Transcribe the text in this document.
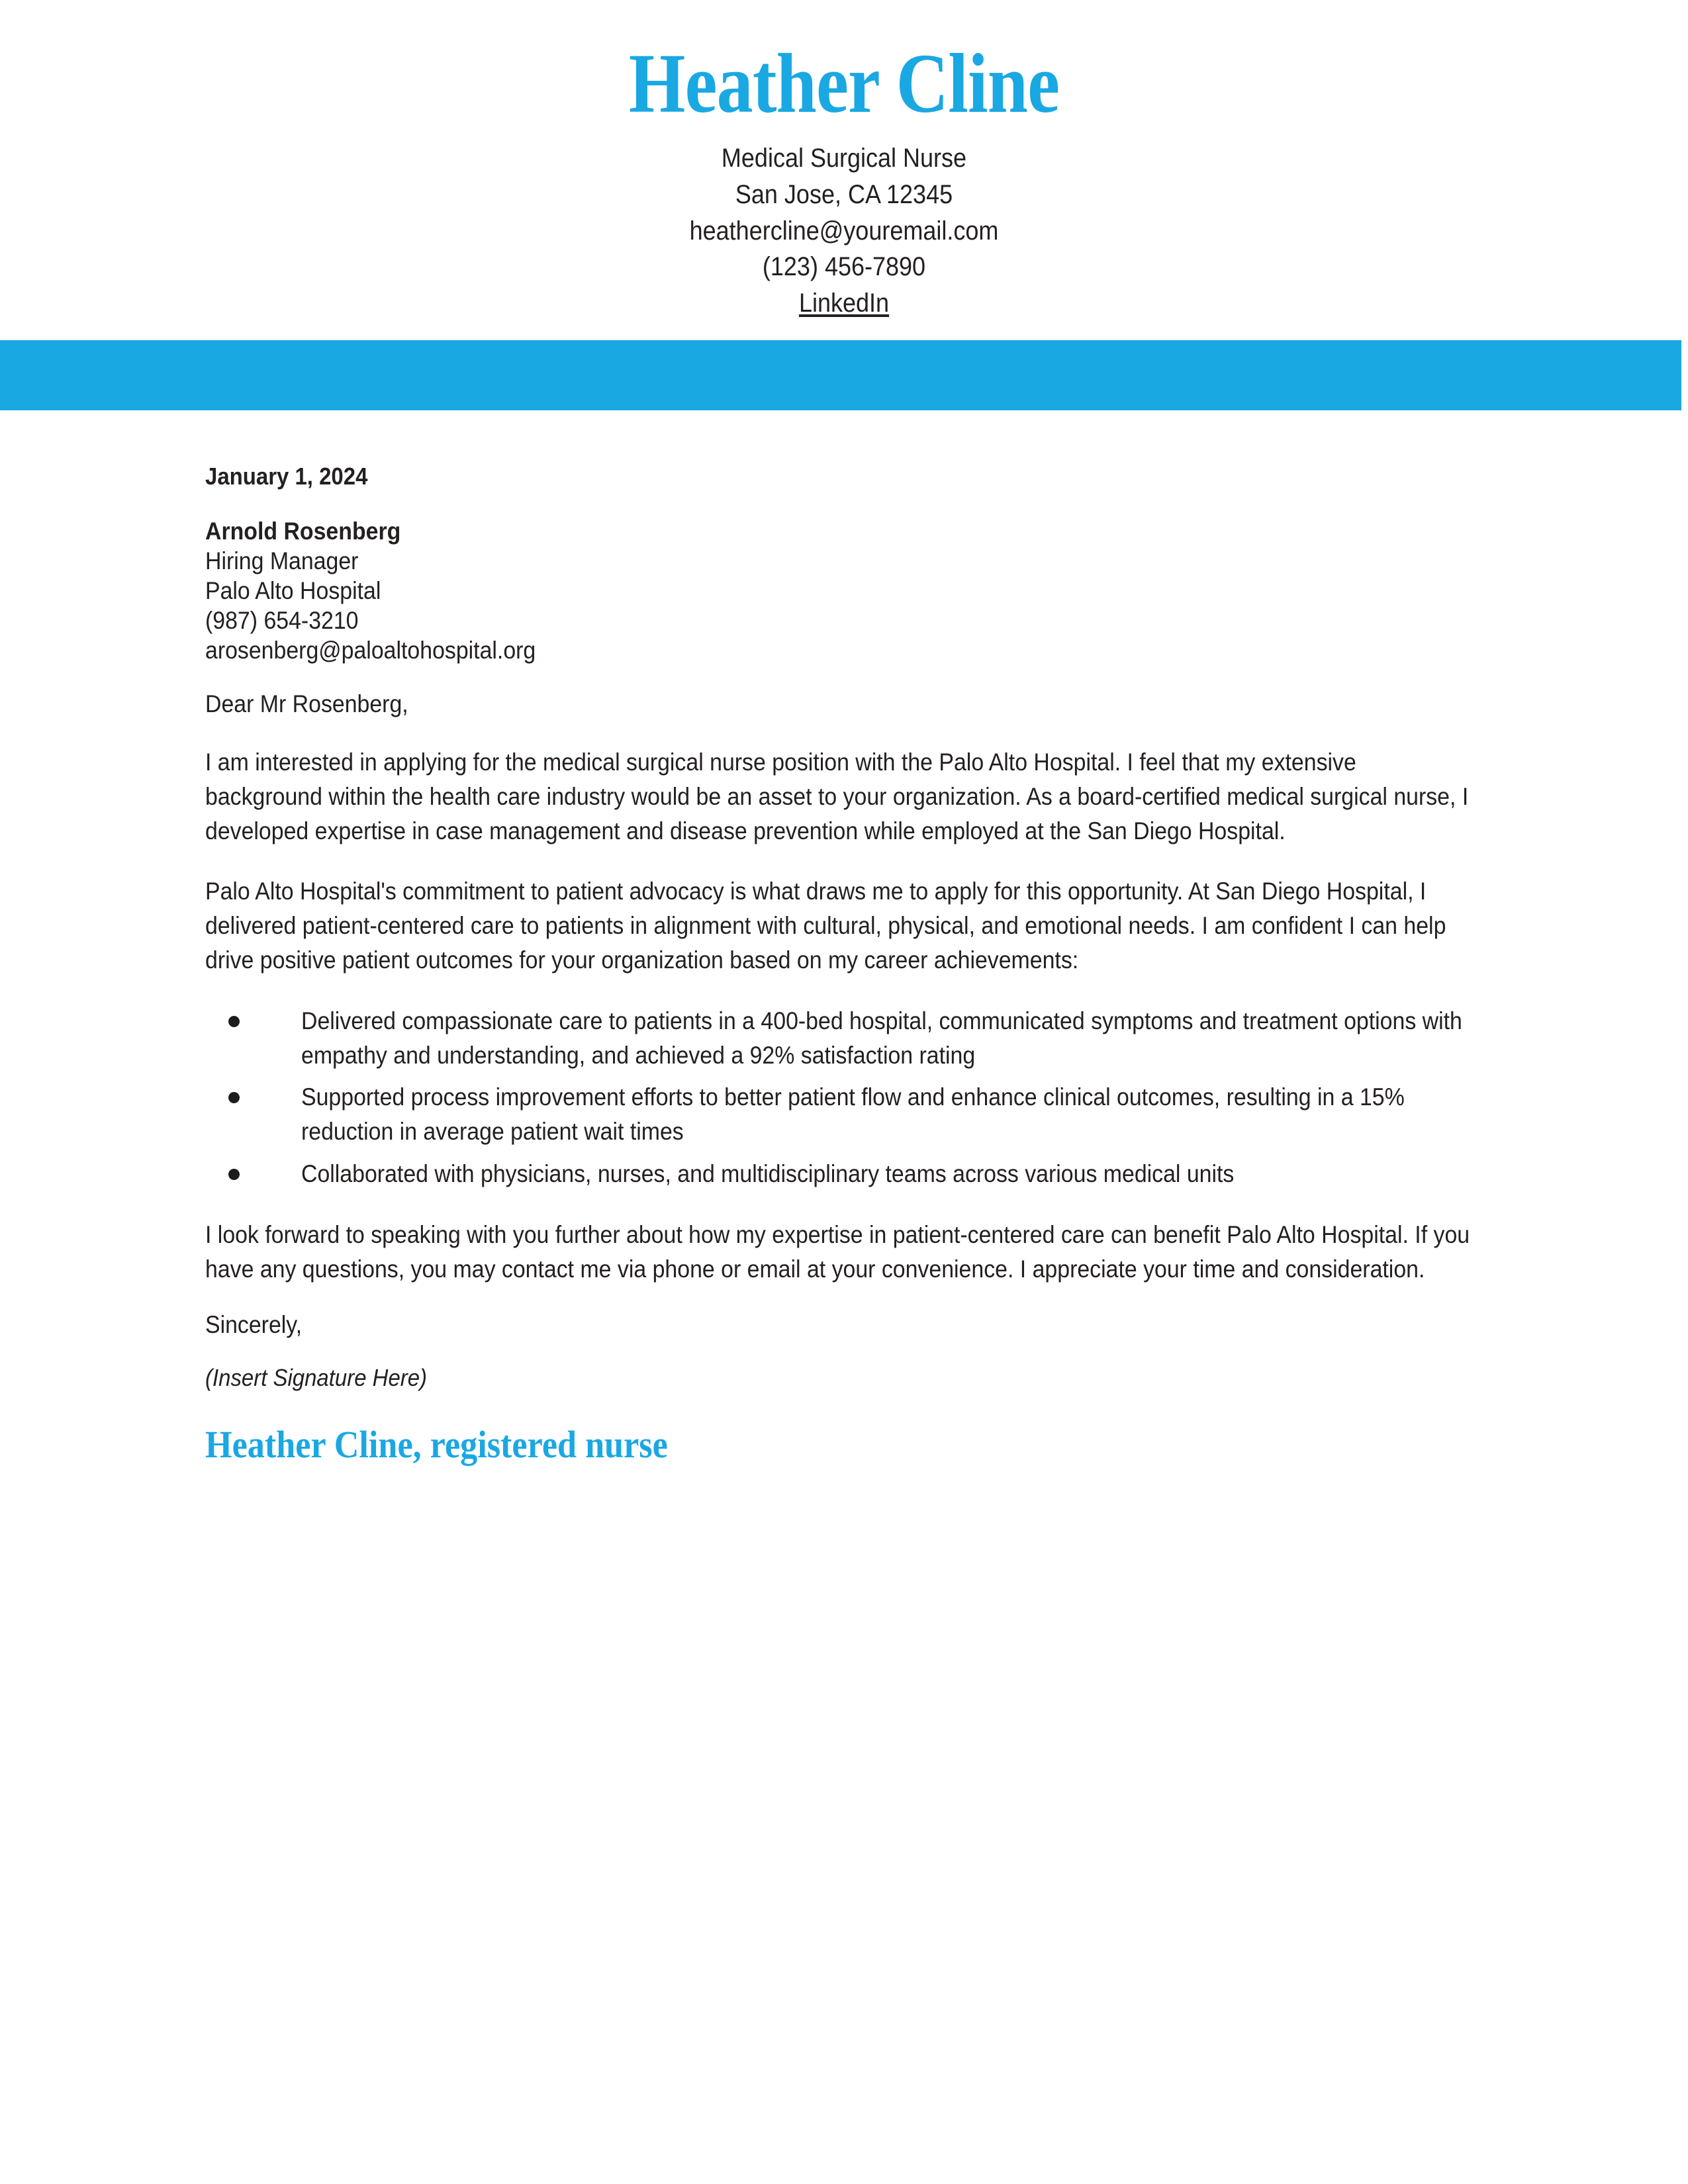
Heather Cline
Medical Surgical Nurse
San Jose, CA 12345
heathercline@youremail.com
(123) 456-7890
LinkedIn
January 1, 2024
Arnold Rosenberg
Hiring Manager
Palo Alto Hospital
(987) 654-3210
arosenberg@paloaltohospital.org
Dear Mr Rosenberg,

I am interested in applying for the medical surgical nurse position with the Palo Alto Hospital. I feel that my extensive background within the health care industry would be an asset to your organization. As a board-certified medical surgical nurse, I developed expertise in case management and disease prevention while employed at the San Diego Hospital.

Palo Alto Hospital's commitment to patient advocacy is what draws me to apply for this opportunity. At San Diego Hospital, I delivered patient-centered care to patients in alignment with cultural, physical, and emotional needs. I am confident I can help drive positive patient outcomes for your organization based on my career achievements:

Delivered compassionate care to patients in a 400-bed hospital, communicated symptoms and treatment options with empathy and understanding, and achieved a 92% satisfaction rating
Supported process improvement efforts to better patient flow and enhance clinical outcomes, resulting in a 15% reduction in average patient wait times
Collaborated with physicians, nurses, and multidisciplinary teams across various medical units

I look forward to speaking with you further about how my expertise in patient-centered care can benefit Palo Alto Hospital. If you have any questions, you may contact me via phone or email at your convenience. I appreciate your time and consideration.

Sincerely,
(Insert Signature Here)
Heather Cline, registered nurse
